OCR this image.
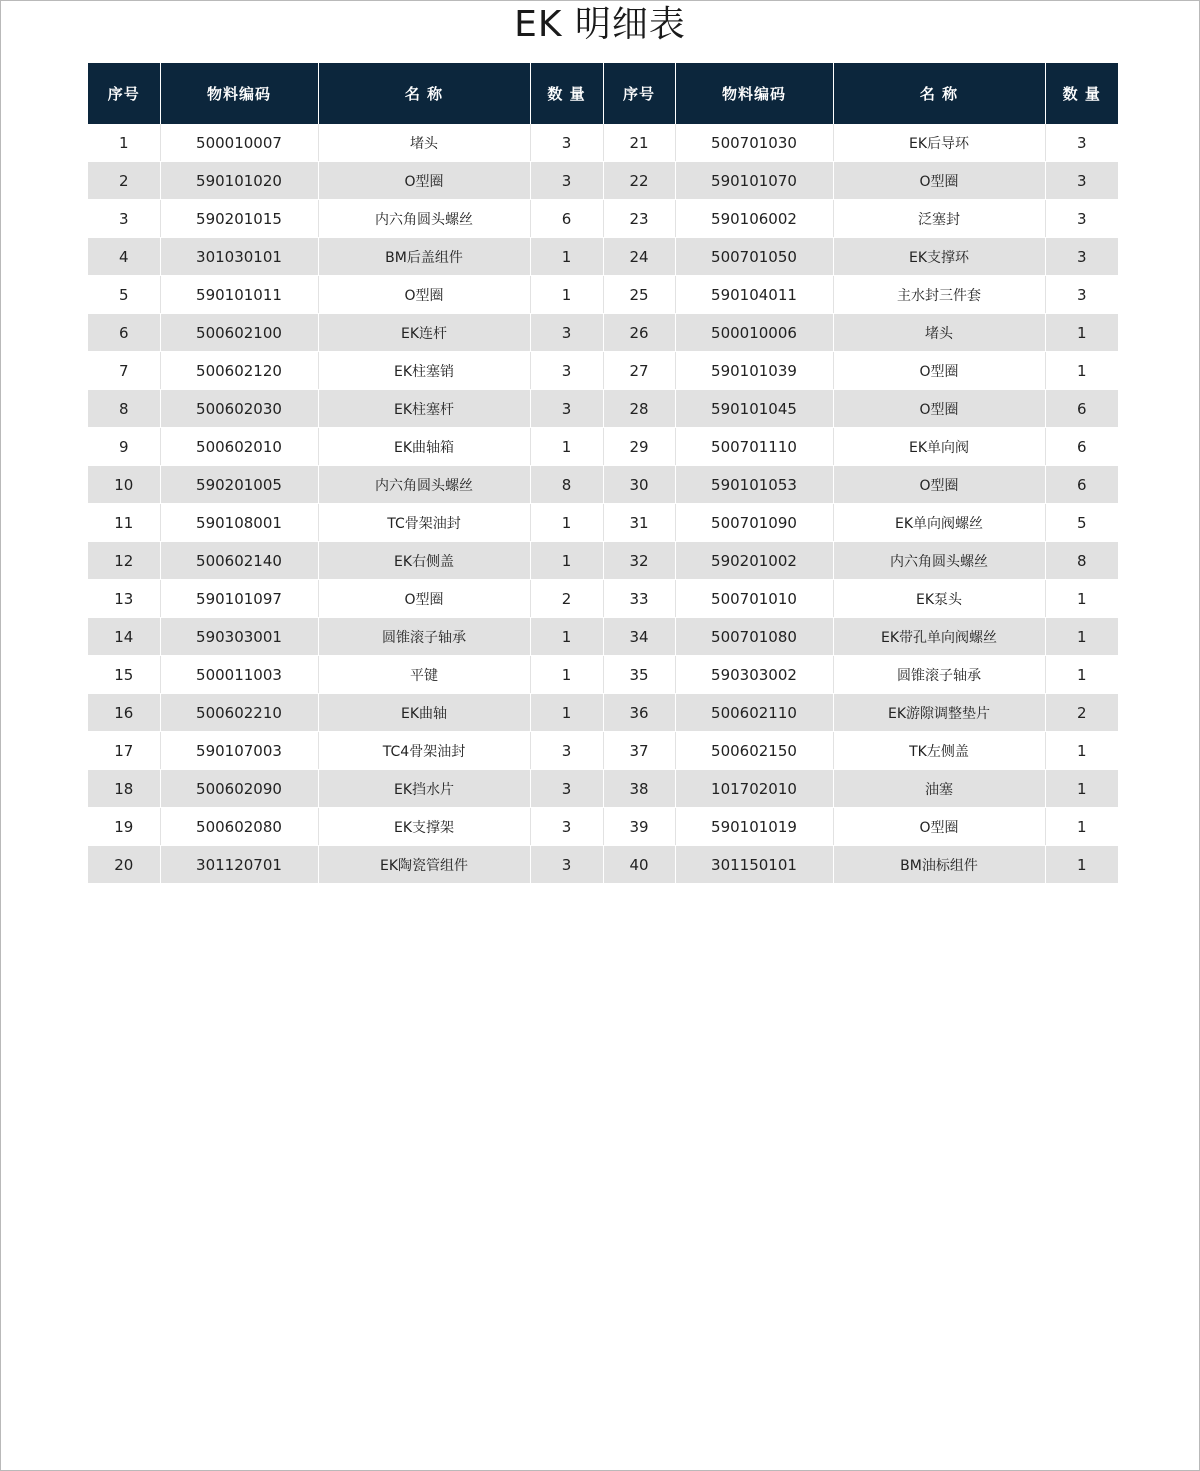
EK 明细表
序号	物料编码	名 称	数 量	序号	物料编码	名 称	数 量
1	500010007	堵头	3	21	500701030	EK后导环	3
2	590101020	O型圈	3	22	590101070	O型圈	3
3	590201015	内六角圆头螺丝	6	23	590106002	泛塞封	3
4	301030101	BM后盖组件	1	24	500701050	EK支撑环	3
5	590101011	O型圈	1	25	590104011	主水封三件套	3
6	500602100	EK连杆	3	26	500010006	堵头	1
7	500602120	EK柱塞销	3	27	590101039	O型圈	1
8	500602030	EK柱塞杆	3	28	590101045	O型圈	6
9	500602010	EK曲轴箱	1	29	500701110	EK单向阀	6
10	590201005	内六角圆头螺丝	8	30	590101053	O型圈	6
11	590108001	TC骨架油封	1	31	500701090	EK单向阀螺丝	5
12	500602140	EK右侧盖	1	32	590201002	内六角圆头螺丝	8
13	590101097	O型圈	2	33	500701010	EK泵头	1
14	590303001	圆锥滚子轴承	1	34	500701080	EK带孔单向阀螺丝	1
15	500011003	平键	1	35	590303002	圆锥滚子轴承	1
16	500602210	EK曲轴	1	36	500602110	EK游隙调整垫片	2
17	590107003	TC4骨架油封	3	37	500602150	TK左侧盖	1
18	500602090	EK挡水片	3	38	101702010	油塞	1
19	500602080	EK支撑架	3	39	590101019	O型圈	1
20	301120701	EK陶瓷管组件	3	40	301150101	BM油标组件	1
